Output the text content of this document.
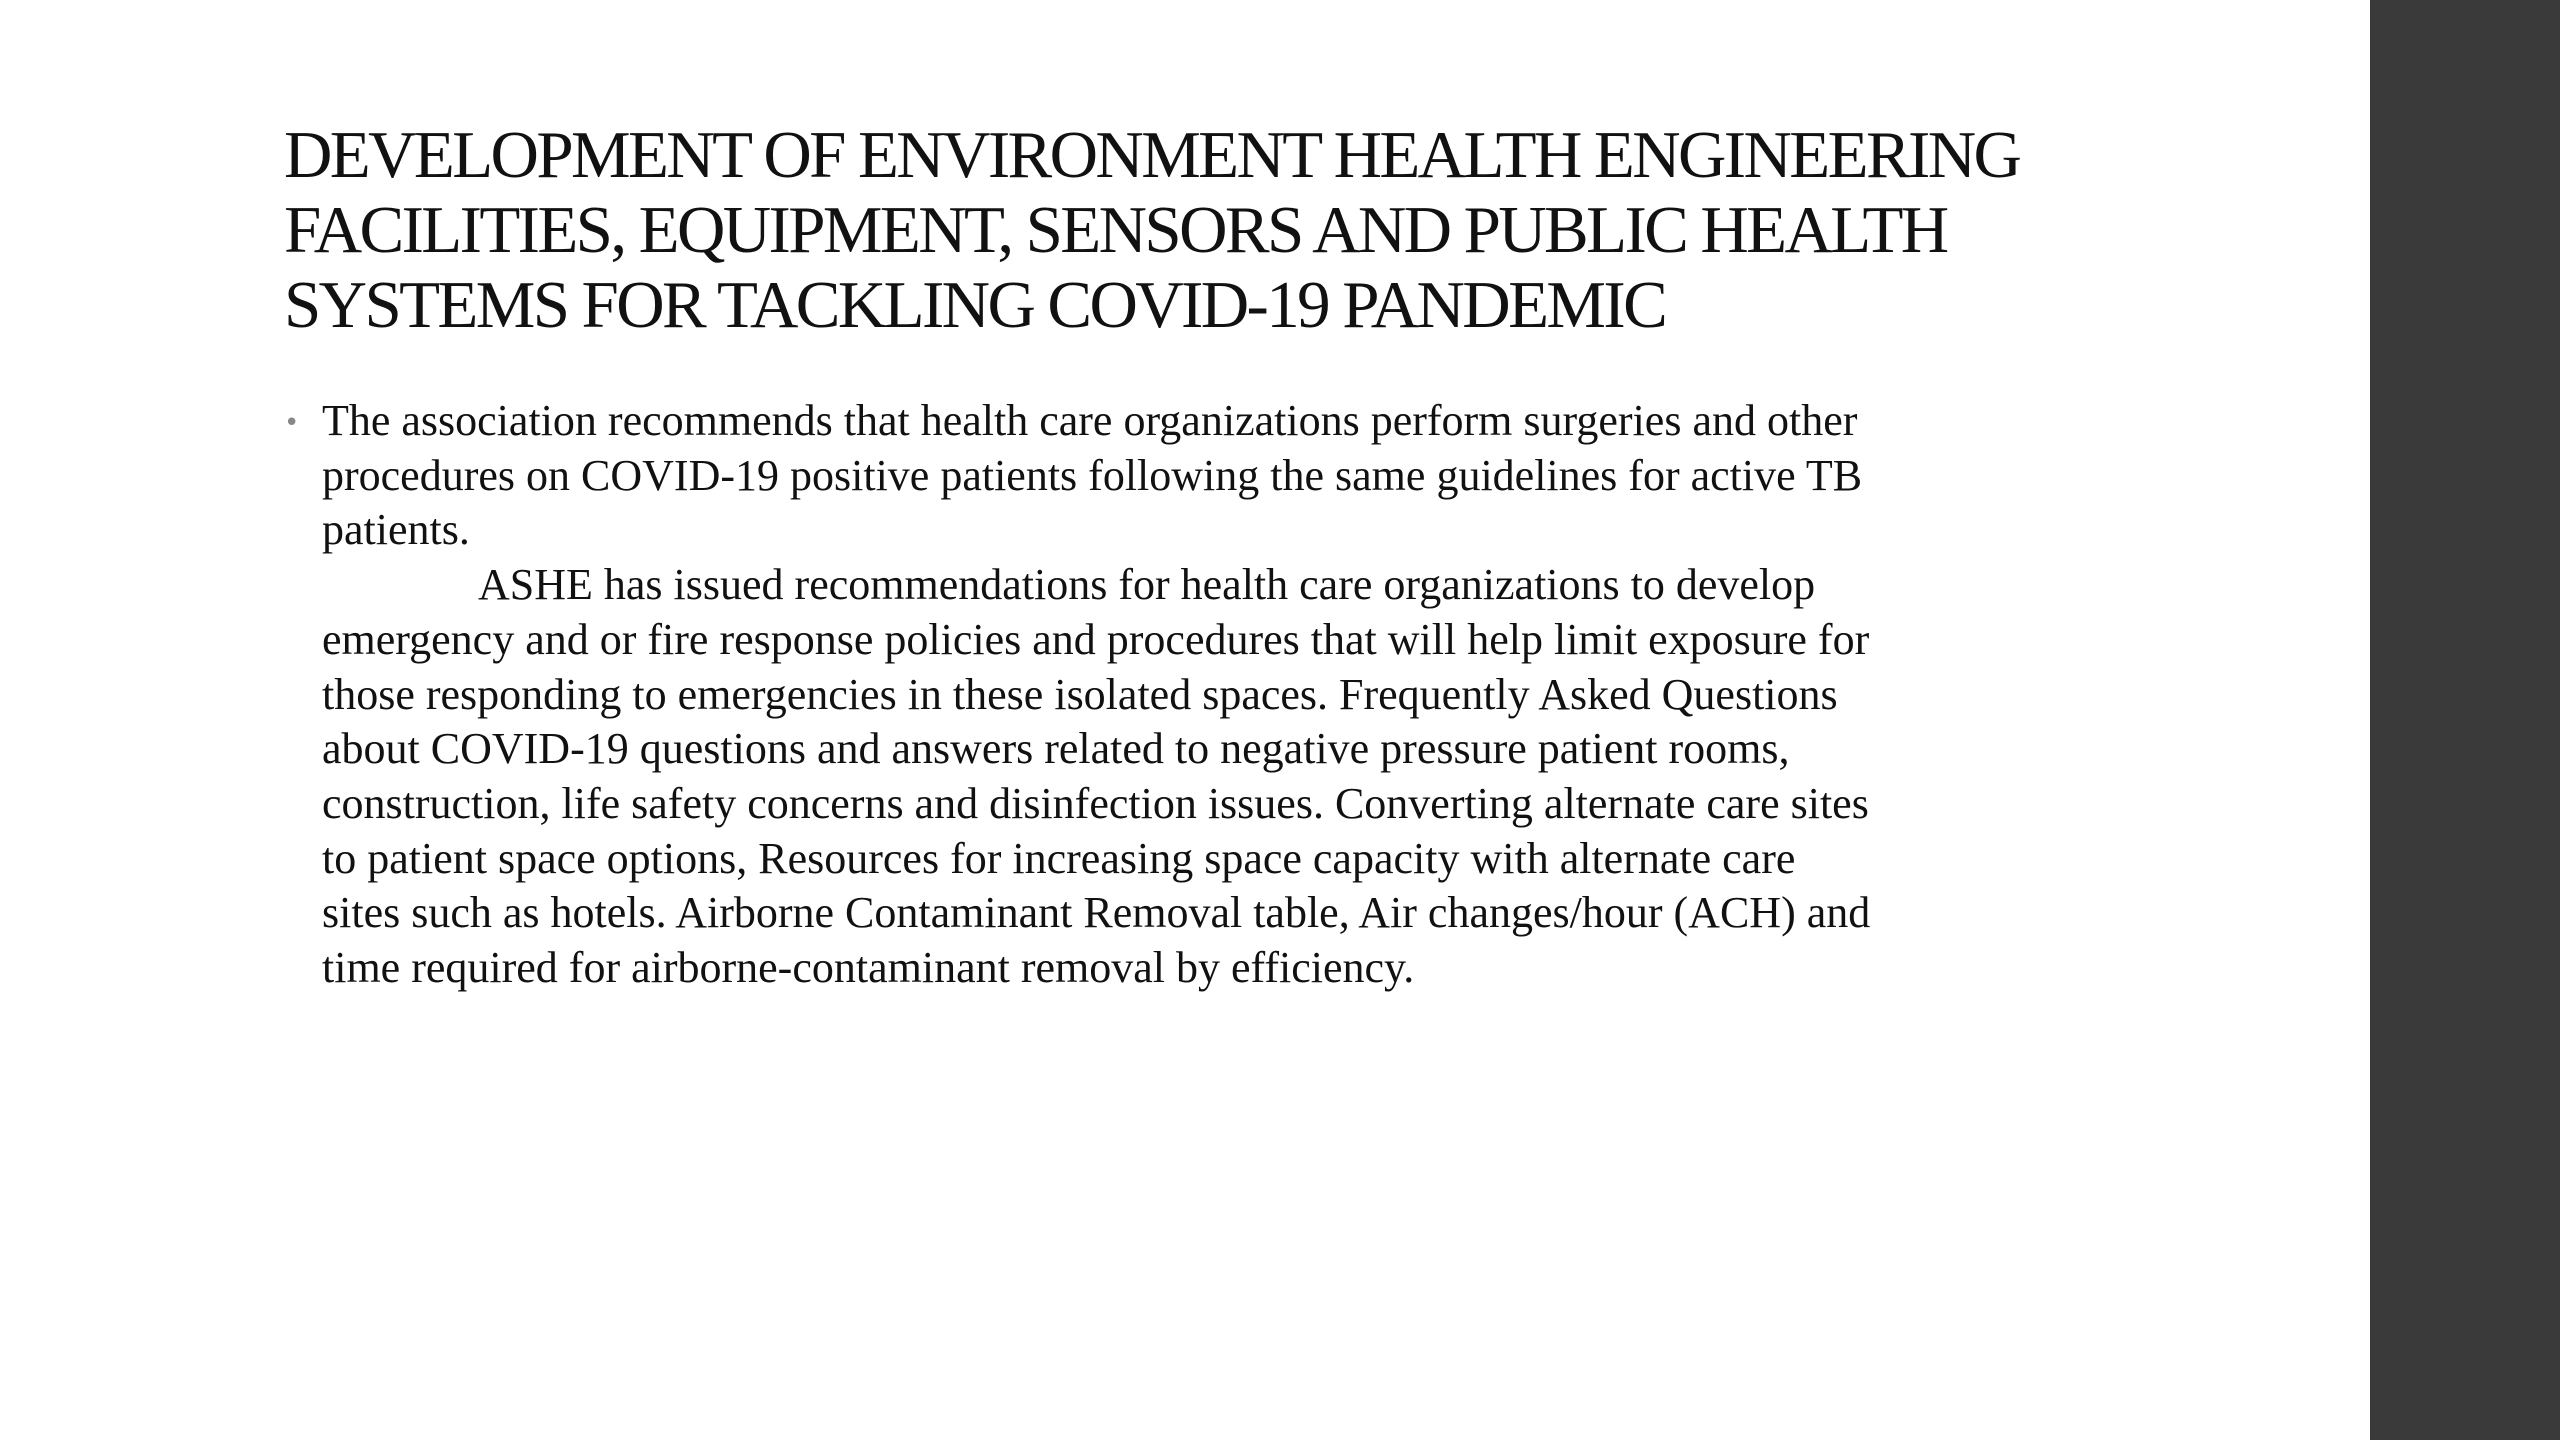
DEVELOPMENT OF ENVIRONMENT HEALTH ENGINEERING
FACILITIES, EQUIPMENT, SENSORS AND PUBLIC HEALTH
SYSTEMS FOR TACKLING COVID-19 PANDEMIC
• The association recommends that health care organizations perform surgeries and other
procedures on COVID-19 positive patients following the same guidelines for active TB
patients.
ASHE has issued recommendations for health care organizations to develop
emergency and or fire response policies and procedures that will help limit exposure for
those responding to emergencies in these isolated spaces. Frequently Asked Questions
about COVID-19 questions and answers related to negative pressure patient rooms,
construction, life safety concerns and disinfection issues. Converting alternate care sites
to patient space options, Resources for increasing space capacity with alternate care
sites such as hotels. Airborne Contaminant Removal table, Air changes/hour (ACH) and
time required for airborne-contaminant removal by efficiency.
